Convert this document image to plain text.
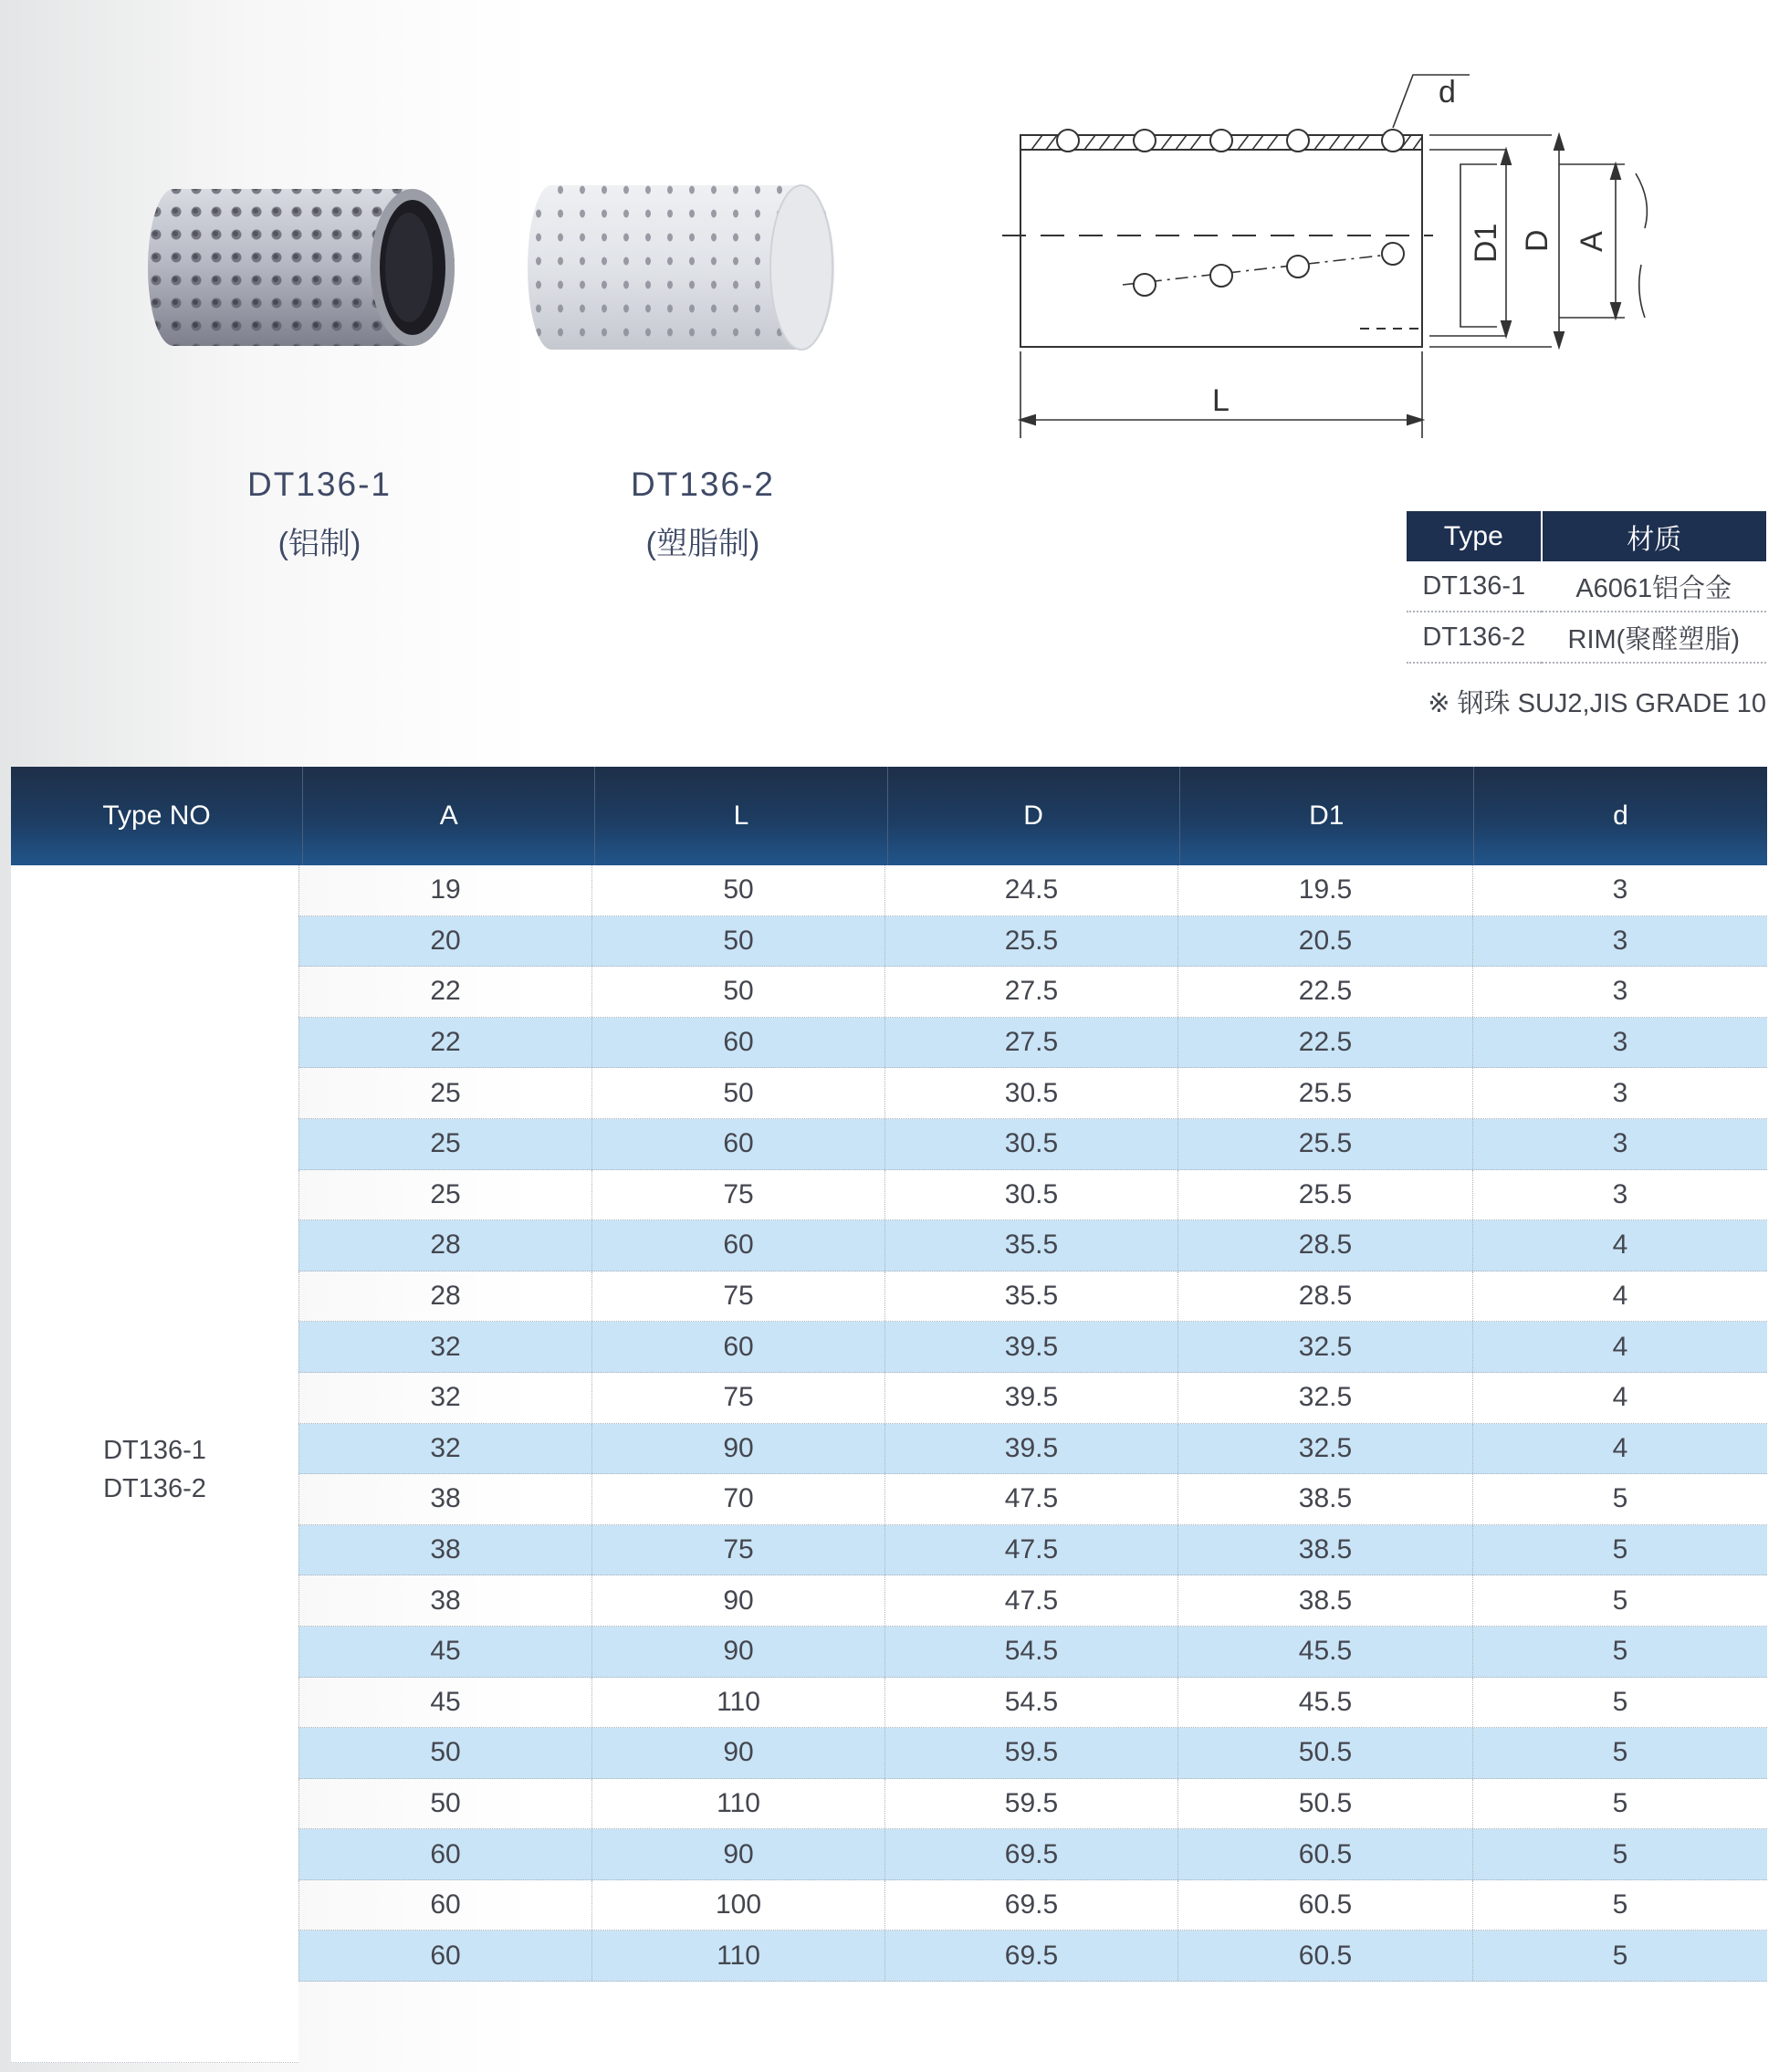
DT136-1
(铝制)
DT136-2
(塑脂制)
d
L
D1 D A
Type	材质
DT136-1	A6061铝合金
DT136-2	RIM(聚醛塑脂)
※ 钢珠 SUJ2,JIS GRADE 10
Type NO	A	L	D	D1	d
DT136-1
DT136-2
19	50	24.5	19.5	3
20	50	25.5	20.5	3
22	50	27.5	22.5	3
22	60	27.5	22.5	3
25	50	30.5	25.5	3
25	60	30.5	25.5	3
25	75	30.5	25.5	3
28	60	35.5	28.5	4
28	75	35.5	28.5	4
32	60	39.5	32.5	4
32	75	39.5	32.5	4
32	90	39.5	32.5	4
38	70	47.5	38.5	5
38	75	47.5	38.5	5
38	90	47.5	38.5	5
45	90	54.5	45.5	5
45	110	54.5	45.5	5
50	90	59.5	50.5	5
50	110	59.5	50.5	5
60	90	69.5	60.5	5
60	100	69.5	60.5	5
60	110	69.5	60.5	5
